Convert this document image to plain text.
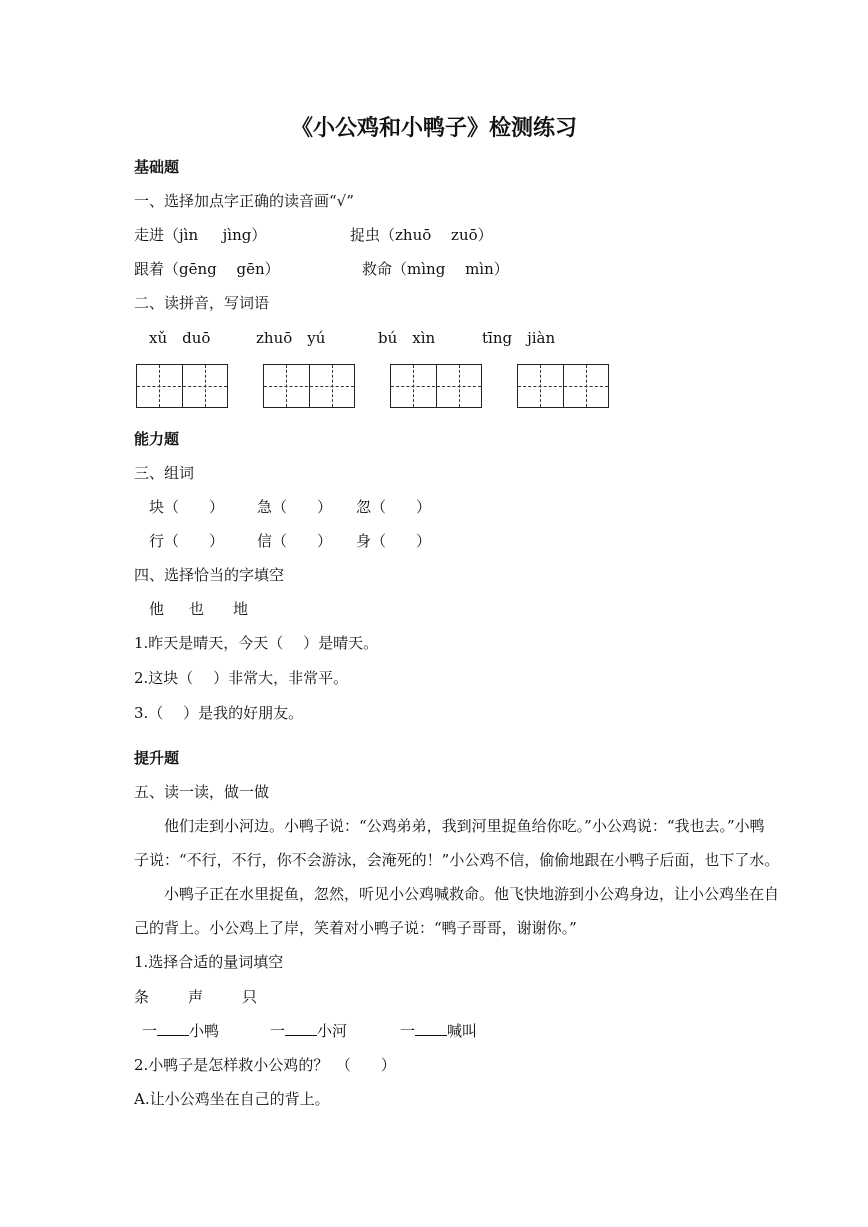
《小公鸡和小鸭子》检测练习
基础题
一、选择加点字正确的读音画“√”
走进（jìn　  jìng）	捉虫（zhuō　 zuō）
跟着（gēng　 gēn）	救命（mìng　 mìn）
二、读拼音，写词语
xǔ　duō	zhuō　yú	bú　xìn	tīng　jiàn
能力题
三、组词
块（　　） 急（　　） 忽（　　）
行（　　） 信（　　） 身（　　）
四、选择恰当的字填空
他 也 地
1.昨天是晴天，今天（　 ）是晴天。
2.这块（　 ）非常大，非常平。
3.（　 ）是我的好朋友。
提升题
五、读一读，做一做
　　他们走到小河边。小鸭子说：“公鸡弟弟，我到河里捉鱼给你吃。”小公鸡说：“我也去。”小鸭
子说：“不行，不行，你不会游泳，会淹死的！”小公鸡不信，偷偷地跟在小鸭子后面，也下了水。
　　小鸭子正在水里捉鱼，忽然，听见小公鸡喊救命。他飞快地游到小公鸡身边，让小公鸡坐在自
己的背上。小公鸡上了岸，笑着对小鸭子说：“鸭子哥哥，谢谢你。”
1.选择合适的量词填空
条	声	只
一 小鸭	一 小河	一 喊叫
2.小鸭子是怎样救小公鸡的？　（　　）
A.让小公鸡坐在自己的背上。
